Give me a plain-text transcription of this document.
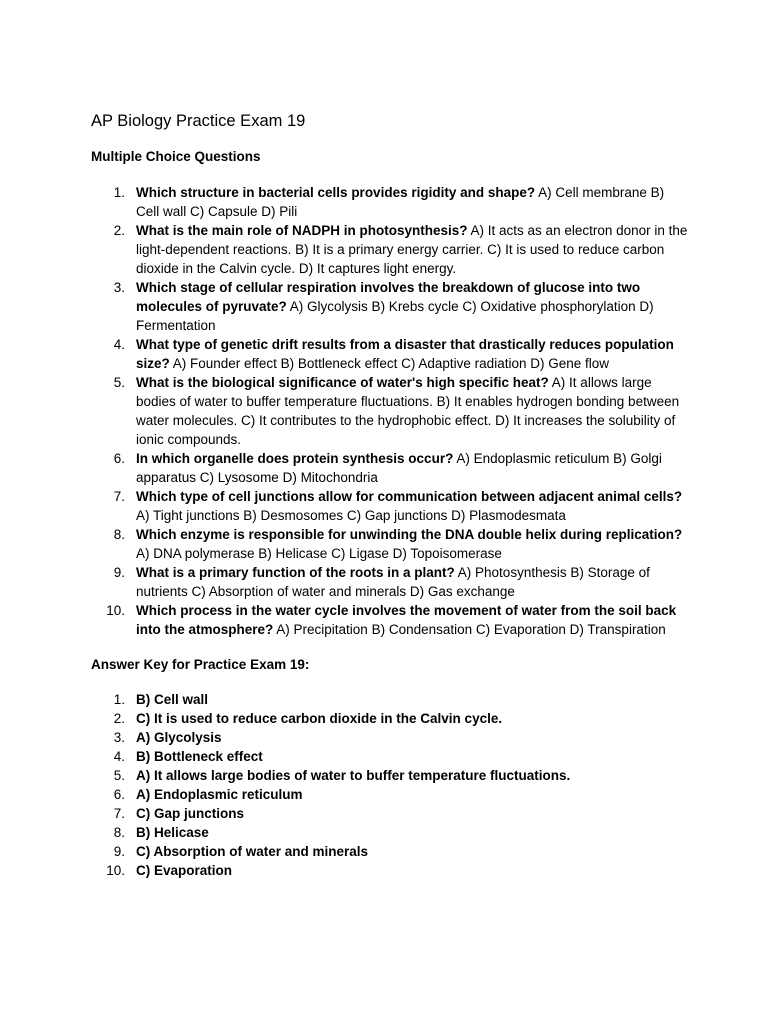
AP Biology Practice Exam 19
Multiple Choice Questions
1. Which structure in bacterial cells provides rigidity and shape? A) Cell membrane B) Cell wall C) Capsule D) Pili
2. What is the main role of NADPH in photosynthesis? A) It acts as an electron donor in the light-dependent reactions. B) It is a primary energy carrier. C) It is used to reduce carbon dioxide in the Calvin cycle. D) It captures light energy.
3. Which stage of cellular respiration involves the breakdown of glucose into two molecules of pyruvate? A) Glycolysis B) Krebs cycle C) Oxidative phosphorylation D) Fermentation
4. What type of genetic drift results from a disaster that drastically reduces population size? A) Founder effect B) Bottleneck effect C) Adaptive radiation D) Gene flow
5. What is the biological significance of water's high specific heat? A) It allows large bodies of water to buffer temperature fluctuations. B) It enables hydrogen bonding between water molecules. C) It contributes to the hydrophobic effect. D) It increases the solubility of ionic compounds.
6. In which organelle does protein synthesis occur? A) Endoplasmic reticulum B) Golgi apparatus C) Lysosome D) Mitochondria
7. Which type of cell junctions allow for communication between adjacent animal cells? A) Tight junctions B) Desmosomes C) Gap junctions D) Plasmodesmata
8. Which enzyme is responsible for unwinding the DNA double helix during replication? A) DNA polymerase B) Helicase C) Ligase D) Topoisomerase
9. What is a primary function of the roots in a plant? A) Photosynthesis B) Storage of nutrients C) Absorption of water and minerals D) Gas exchange
10. Which process in the water cycle involves the movement of water from the soil back into the atmosphere? A) Precipitation B) Condensation C) Evaporation D) Transpiration
Answer Key for Practice Exam 19:
1. B) Cell wall
2. C) It is used to reduce carbon dioxide in the Calvin cycle.
3. A) Glycolysis
4. B) Bottleneck effect
5. A) It allows large bodies of water to buffer temperature fluctuations.
6. A) Endoplasmic reticulum
7. C) Gap junctions
8. B) Helicase
9. C) Absorption of water and minerals
10. C) Evaporation
